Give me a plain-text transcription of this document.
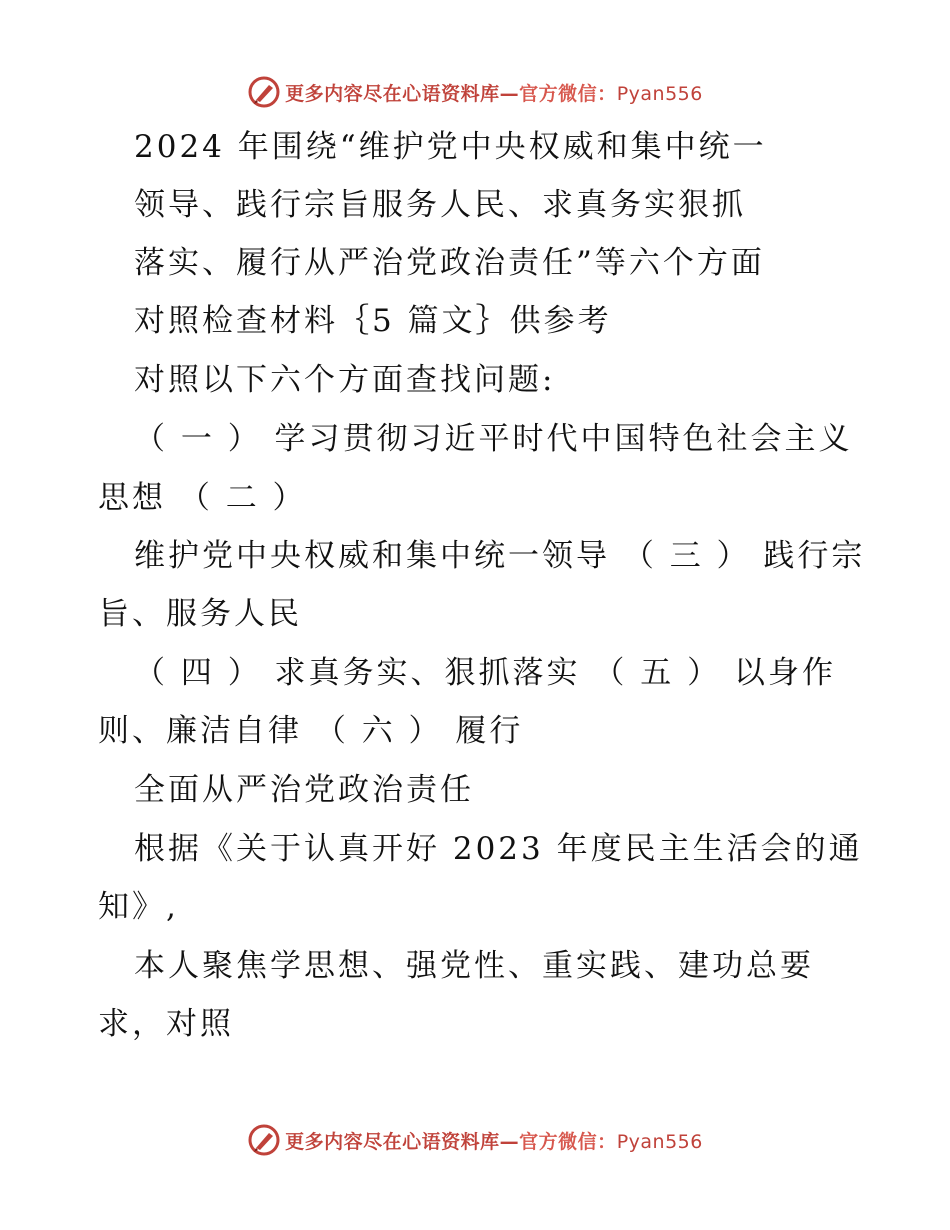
更多内容尽在心语资料库—官方微信：Pyan556
2024 年围绕“维护党中央权威和集中统一
领导、践行宗旨服务人民、求真务实狠抓
落实、履行从严治党政治责任”等六个方面
对照检查材料｛5 篇文｝供参考
对照以下六个方面查找问题:
（ 一 ） 学习贯彻习近平时代中国特色社会主义
思想 （ 二 ）
维护党中央权威和集中统一领导 （ 三 ） 践行宗
旨、服务人民
（ 四 ） 求真务实、狠抓落实 （ 五 ） 以身作
则、廉洁自律 （ 六 ） 履行
全面从严治党政治责任
根据《关于认真开好 2023 年度民主生活会的通
知》,
本人聚焦学思想、强党性、重实践、建功总要
求，对照
更多内容尽在心语资料库—官方微信：Pyan556
